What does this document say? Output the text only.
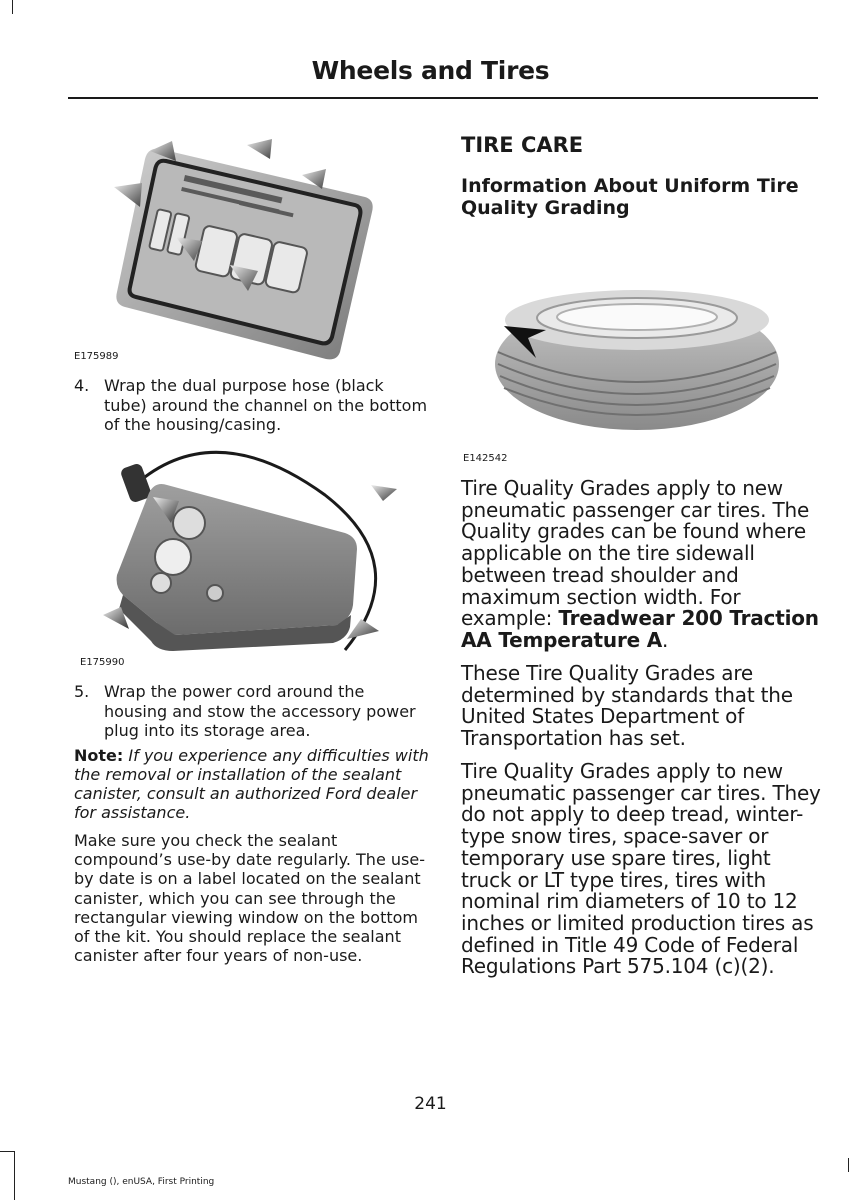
Wheels and Tires
E175989
4. Wrap the dual purpose hose (black tube) around the channel on the bottom of the housing/casing.
E175990
5. Wrap the power cord around the housing and stow the accessory power plug into its storage area.
Note: If you experience any difficulties with the removal or installation of the sealant canister, consult an authorized Ford dealer for assistance.
Make sure you check the sealant compound’s use-by date regularly. The use-by date is on a label located on the sealant canister, which you can see through the rectangular viewing window on the bottom of the kit. You should replace the sealant canister after four years of non-use.
TIRE CARE
Information About Uniform Tire Quality Grading
E142542
Tire Quality Grades apply to new pneumatic passenger car tires. The Quality grades can be found where applicable on the tire sidewall between tread shoulder and maximum section width. For example: Treadwear 200 Traction AA Temperature A.
These Tire Quality Grades are determined by standards that the United States Department of Transportation has set.
Tire Quality Grades apply to new pneumatic passenger car tires. They do not apply to deep tread, winter-type snow tires, space-saver or temporary use spare tires, light truck or LT type tires, tires with nominal rim diameters of 10 to 12 inches or limited production tires as defined in Title 49 Code of Federal Regulations Part 575.104 (c)(2).
241
Mustang (), enUSA, First Printing
